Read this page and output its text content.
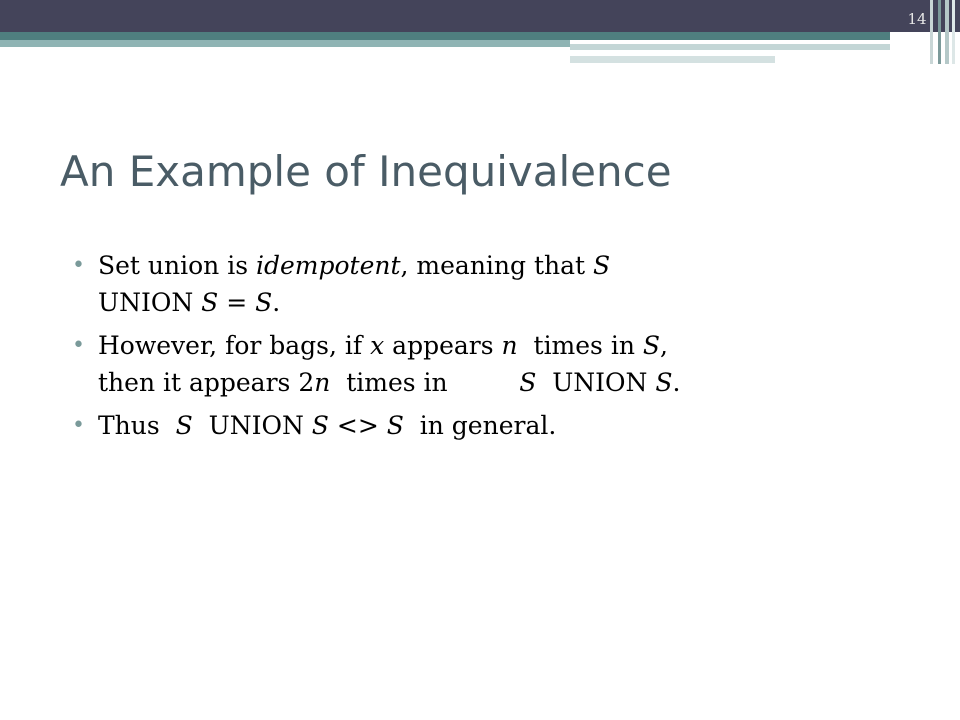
14
An Example of Inequivalence
• Set union is idempotent, meaning that S
UNION S = S.
• However, for bags, if x appears n  times in S,
then it appears 2n  times in         S  UNION S.
• Thus  S  UNION S <> S  in general.
